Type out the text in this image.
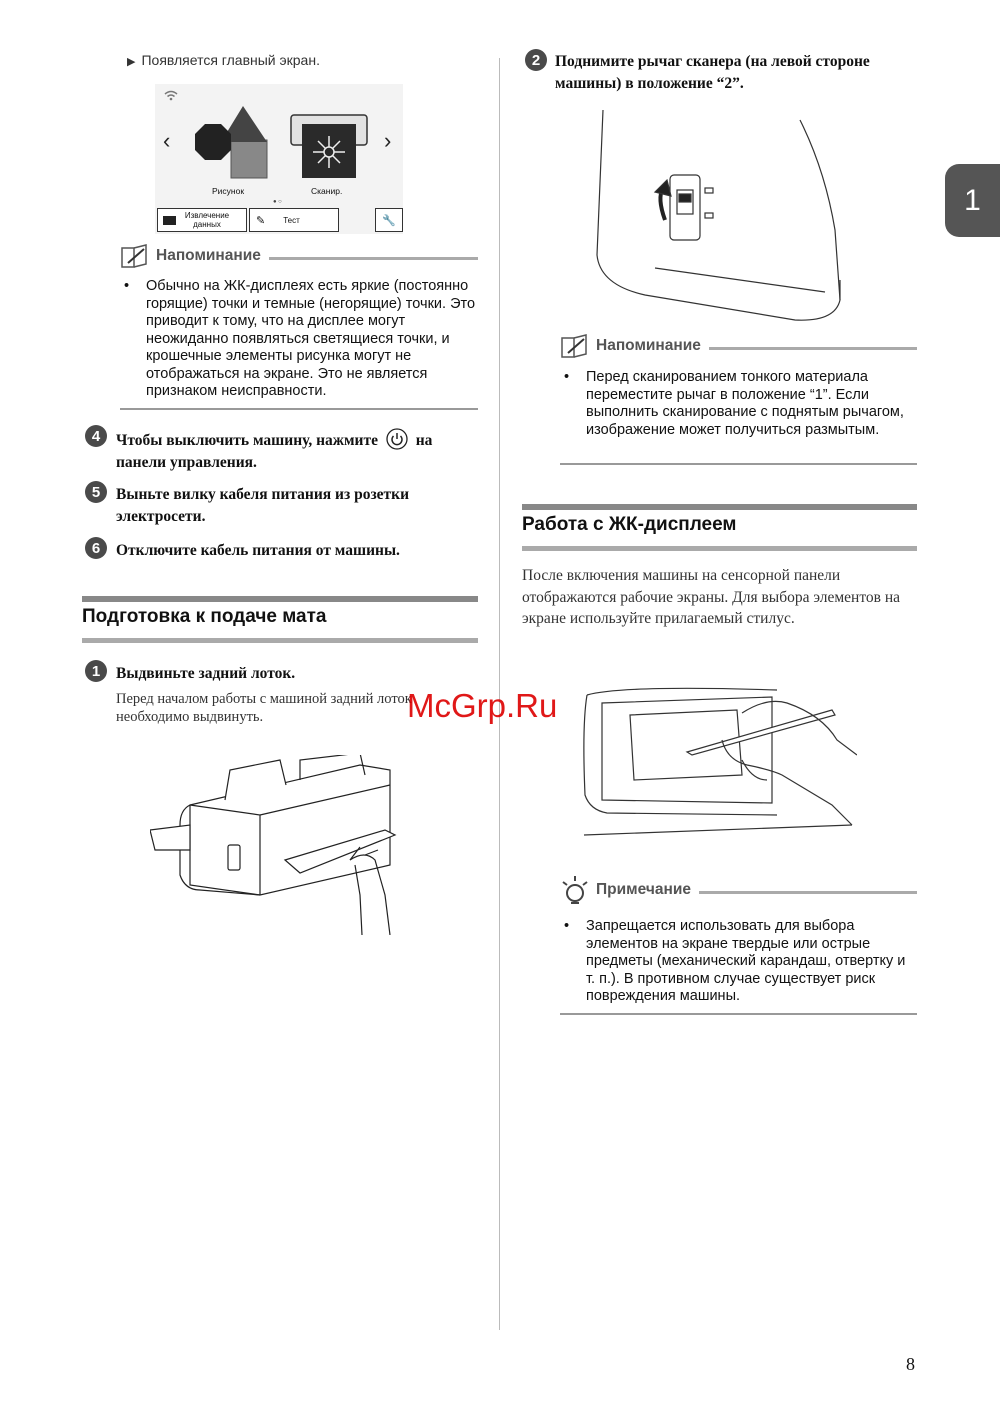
▶ Появляется главный экран.
‹	›
Рисунок	Сканир.
● ○
Извлечение данных	✎ Тест	🔧
Напоминание
• Обычно на ЖК-дисплеях есть яркие (постоянно горящие) точки и темные (негорящие) точки. Это приводит к тому, что на дисплее могут неожиданно появляться светящиеся точки, и крошечные элементы рисунка могут не отображаться на экране. Это не является признаком неисправности.
4	Чтобы выключить машину, нажмите на панели управления.
5	Выньте вилку кабеля питания из розетки электросети.
6	Отключите кабель питания от машины.
Подготовка к подаче мата
1	Выдвиньте задний лоток.
Перед началом работы с машиной задний лоток необходимо выдвинуть.
2 Поднимите рычаг сканера (на левой стороне машины) в положение “2”.
Напоминание
• Перед сканированием тонкого материала переместите рычаг в положение “1”. Если выполнить сканирование с поднятым рычагом, изображение может получиться размытым.
Работа с ЖК-дисплеем
После включения машины на сенсорной панели отображаются рабочие экраны. Для выбора элементов на экране используйте прилагаемый стилус.
Примечание
• Запрещается использовать для выбора элементов на экране твердые или острые предметы (механический карандаш, отвертку и т. п.). В противном случае существует риск повреждения машины.
McGrp.Ru
1
8
